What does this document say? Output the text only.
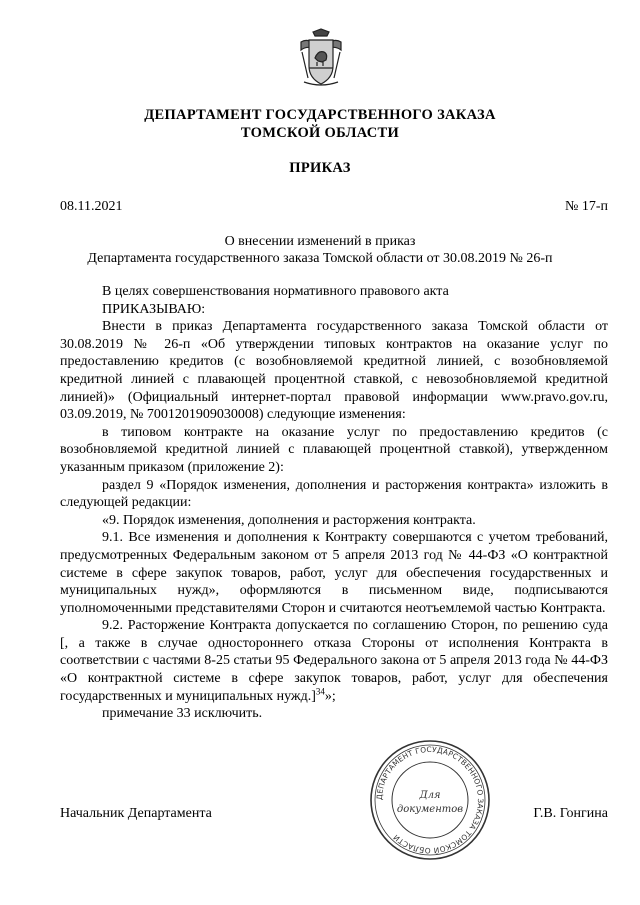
ДЕПАРТАМЕНТ ГОСУДАРСТВЕННОГО ЗАКАЗА
ТОМСКОЙ ОБЛАСТИ
ПРИКАЗ
08.11.2021	№ 17-п
О внесении изменений в приказ
Департамента государственного заказа Томской области от 30.08.2019 № 26-п

В целях совершенствования нормативного правового акта

ПРИКАЗЫВАЮ:

Внести в приказ Департамента государственного заказа Томской области от 30.08.2019 № 26-п «Об утверждении типовых контрактов на оказание услуг по предоставлению кредитов (с возобновляемой кредитной линией, с возобновляемой кредитной линией с плавающей процентной ставкой, с невозобновляемой кредитной линией)» (Официальный интернет-портал правовой информации www.pravo.gov.ru, 03.09.2019, № 7001201909030008) следующие изменения:

в типовом контракте на оказание услуг по предоставлению кредитов (с возобновляемой кредитной линией с плавающей процентной ставкой), утвержденном указанным приказом (приложение 2):

раздел 9 «Порядок изменения, дополнения и расторжения контракта» изложить в следующей редакции:

«9. Порядок изменения, дополнения и расторжения контракта.

9.1. Все изменения и дополнения к Контракту совершаются с учетом требований, предусмотренных Федеральным законом от 5 апреля 2013 год № 44-ФЗ «О контрактной системе в сфере закупок товаров, работ, услуг для обеспечения государственных и муниципальных нужд», оформляются в письменном виде, подписываются уполномоченными представителями Сторон и считаются неотъемлемой частью Контракта.

9.2. Расторжение Контракта допускается по соглашению Сторон, по решению суда [, а также в случае одностороннего отказа Стороны от исполнения Контракта в соответствии с частями 8-25 статьи 95 Федерального закона от 5 апреля 2013 года № 44-ФЗ «О контрактной системе в сфере закупок товаров, работ, услуг для обеспечения государственных и муниципальных нужд.]$^{34}$»;

примечание 33 исключить.

ДЕПАРТАМЕНТ ГОСУДАРСТВЕННОГО ЗАКАЗА ТОМСКОЙ ОБЛАСТИ
Для
документов
Начальник Департамента	Г.В. Гонгина
